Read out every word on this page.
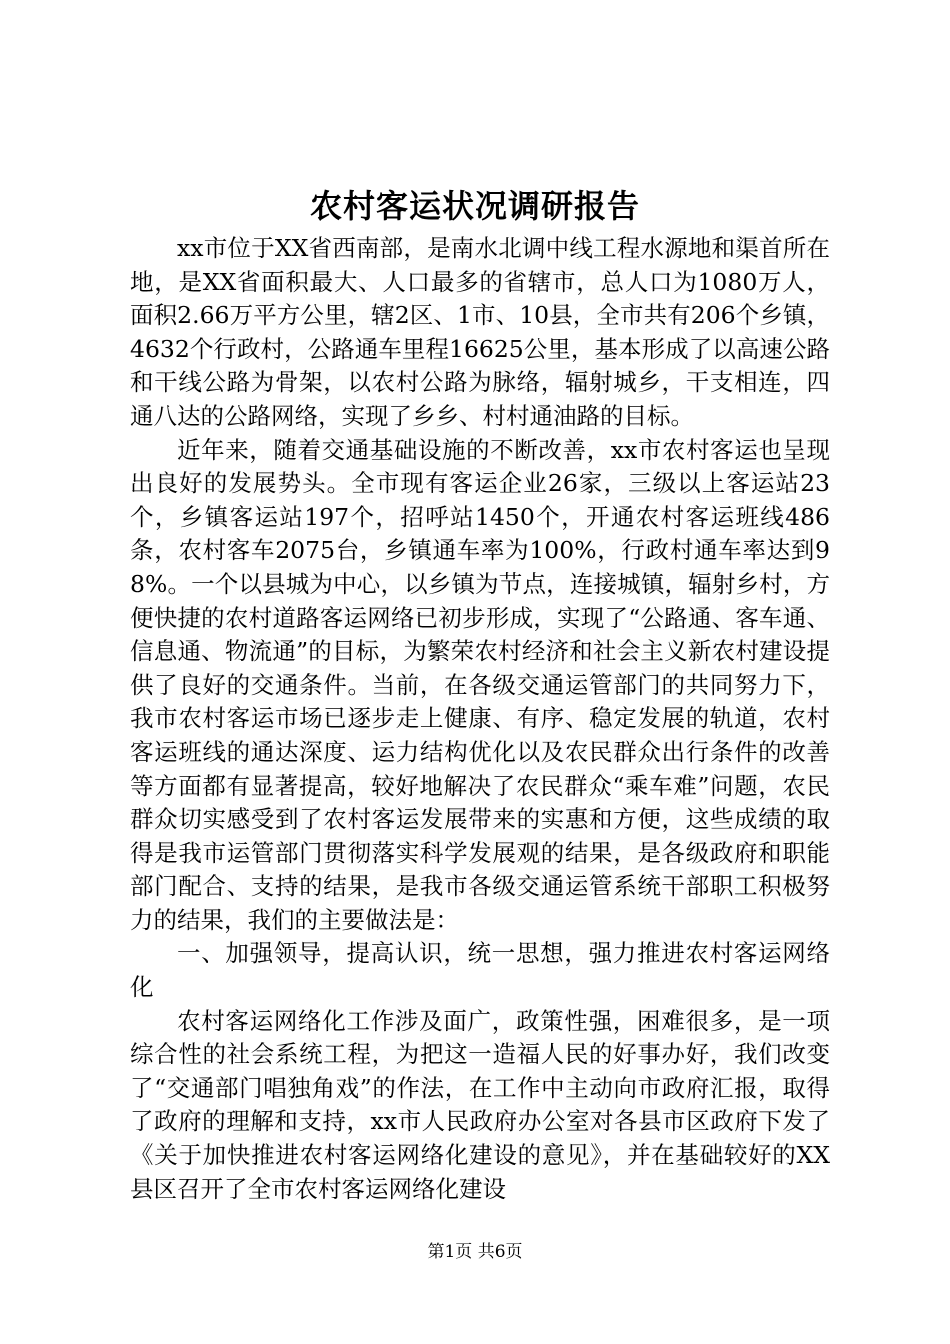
农村客运状况调研报告

xx市位于XX省西南部，是南水北调中线工程水源地和渠首所在地，是XX省面积最大、人口最多的省辖市，总人口为1080万人，面积2.66万平方公里，辖2区、1市、10县，全市共有206个乡镇，4632个行政村，公路通车里程16625公里，基本形成了以高速公路和干线公路为骨架，以农村公路为脉络，辐射城乡，干支相连，四通八达的公路网络，实现了乡乡、村村通油路的目标。

近年来，随着交通基础设施的不断改善，xx市农村客运也呈现出良好的发展势头。全市现有客运企业26家，三级以上客运站23个，乡镇客运站197个，招呼站1450个，开通农村客运班线486条，农村客车2075台，乡镇通车率为100%，行政村通车率达到98%。一个以县城为中心，以乡镇为节点，连接城镇，辐射乡村，方便快捷的农村道路客运网络已初步形成，实现了“公路通、客车通、信息通、物流通”的目标，为繁荣农村经济和社会主义新农村建设提供了良好的交通条件。当前，在各级交通运管部门的共同努力下，我市农村客运市场已逐步走上健康、有序、稳定发展的轨道，农村客运班线的通达深度、运力结构优化以及农民群众出行条件的改善等方面都有显著提高，较好地解决了农民群众“乘车难”问题，农民群众切实感受到了农村客运发展带来的实惠和方便，这些成绩的取得是我市运管部门贯彻落实科学发展观的结果，是各级政府和职能部门配合、支持的结果，是我市各级交通运管系统干部职工积极努力的结果，我们的主要做法是：

一、加强领导，提高认识，统一思想，强力推进农村客运网络化

农村客运网络化工作涉及面广，政策性强，困难很多，是一项综合性的社会系统工程，为把这一造福人民的好事办好，我们改变了“交通部门唱独角戏”的作法，在工作中主动向市政府汇报，取得了政府的理解和支持，xx市人民政府办公室对各县市区政府下发了《关于加快推进农村客运网络化建设的意见》，并在基础较好的XX县区召开了全市农村客运网络化建设

第1页 共6页
